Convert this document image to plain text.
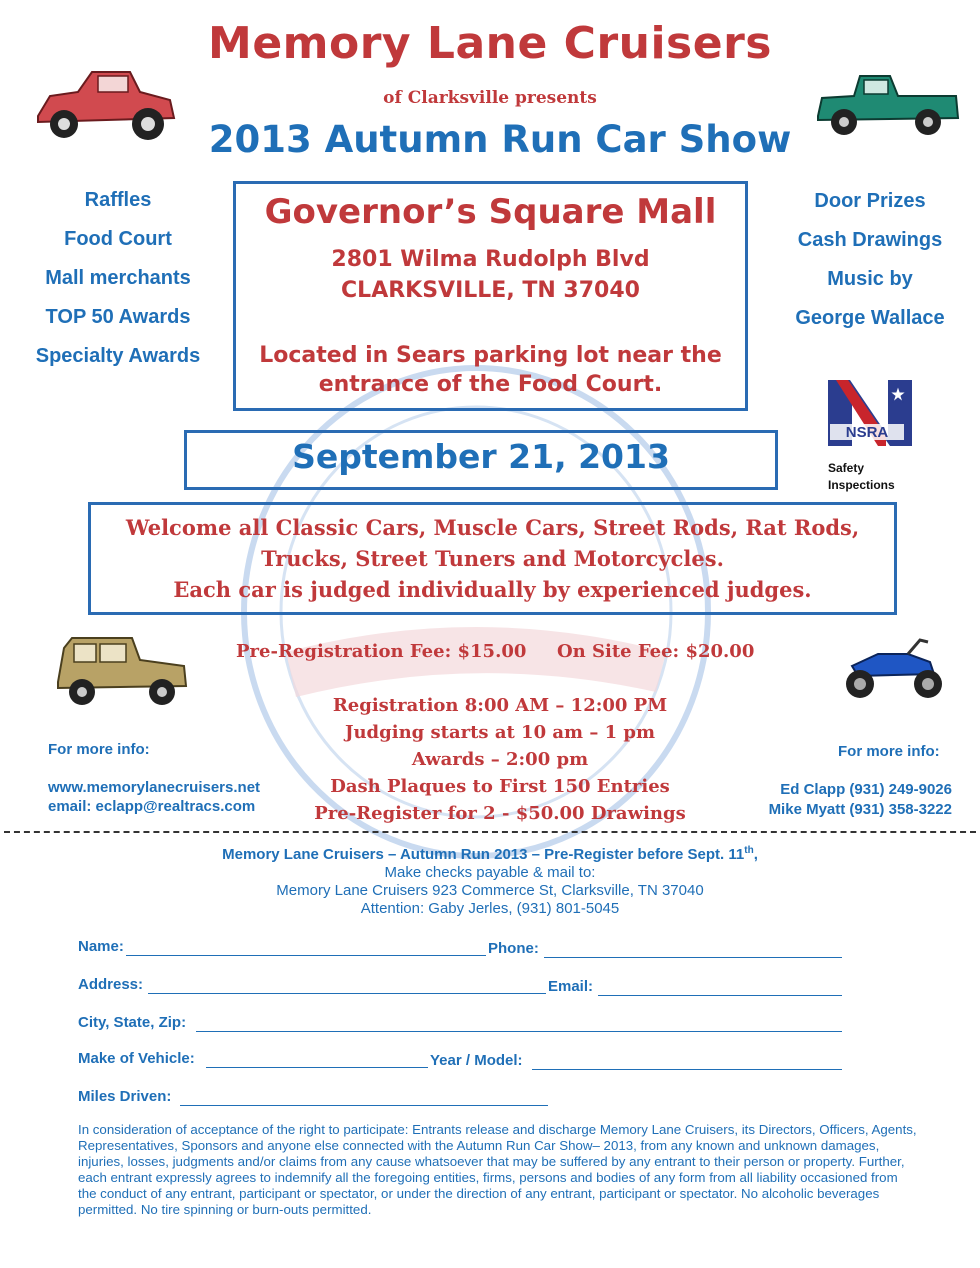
Memory Lane Cruisers
of Clarksville presents
2013 Autumn Run Car Show
Raffles
Food Court
Mall merchants
TOP 50 Awards
Specialty Awards
Door Prizes
Cash Drawings
Music by
George Wallace
Governor’s Square Mall
2801 Wilma Rudolph Blvd
CLARKSVILLE, TN 37040
Located in Sears parking lot near the
entrance of the Food Court.
NSRA
Safety
Inspections
September 21, 2013
Welcome all Classic Cars, Muscle Cars, Street Rods, Rat Rods,
Trucks, Street Tuners and Motorcycles.
Each car is judged individually by experienced judges.
Pre-Registration Fee: $15.00 On Site Fee: $20.00
Registration 8:00 AM – 12:00 PM
Judging starts at 10 am – 1 pm
Awards – 2:00 pm
Dash Plaques to First 150 Entries
Pre-Register for 2 - $50.00 Drawings
For more info:
www.memorylanecruisers.net
email: eclapp@realtracs.com
For more info:
Ed Clapp (931) 249-9026
Mike Myatt (931) 358-3222
Memory Lane Cruisers – Autumn Run 2013 – Pre-Register before Sept. 11th,
Make checks payable & mail to:
Memory Lane Cruisers 923 Commerce St, Clarksville, TN 37040
Attention: Gaby Jerles, (931) 801-5045
Name:	Phone:
Address:	Email:
City, State, Zip:
Make of Vehicle:	Year / Model:
Miles Driven:
In consideration of acceptance of the right to participate: Entrants release and discharge Memory Lane Cruisers, its Directors, Officers, Agents, Representatives, Sponsors and anyone else connected with the Autumn Run Car Show– 2013, from any known and unknown damages, injuries, losses, judgments and/or claims from any cause whatsoever that may be suffered by any entrant to their person or property. Further, each entrant expressly agrees to indemnify all the foregoing entities, firms, persons and bodies of any form from all liability occasioned from the conduct of any entrant, participant or spectator, or under the direction of any entrant, participant or spectator. No alcoholic beverages permitted. No tire spinning or burn-outs permitted.
